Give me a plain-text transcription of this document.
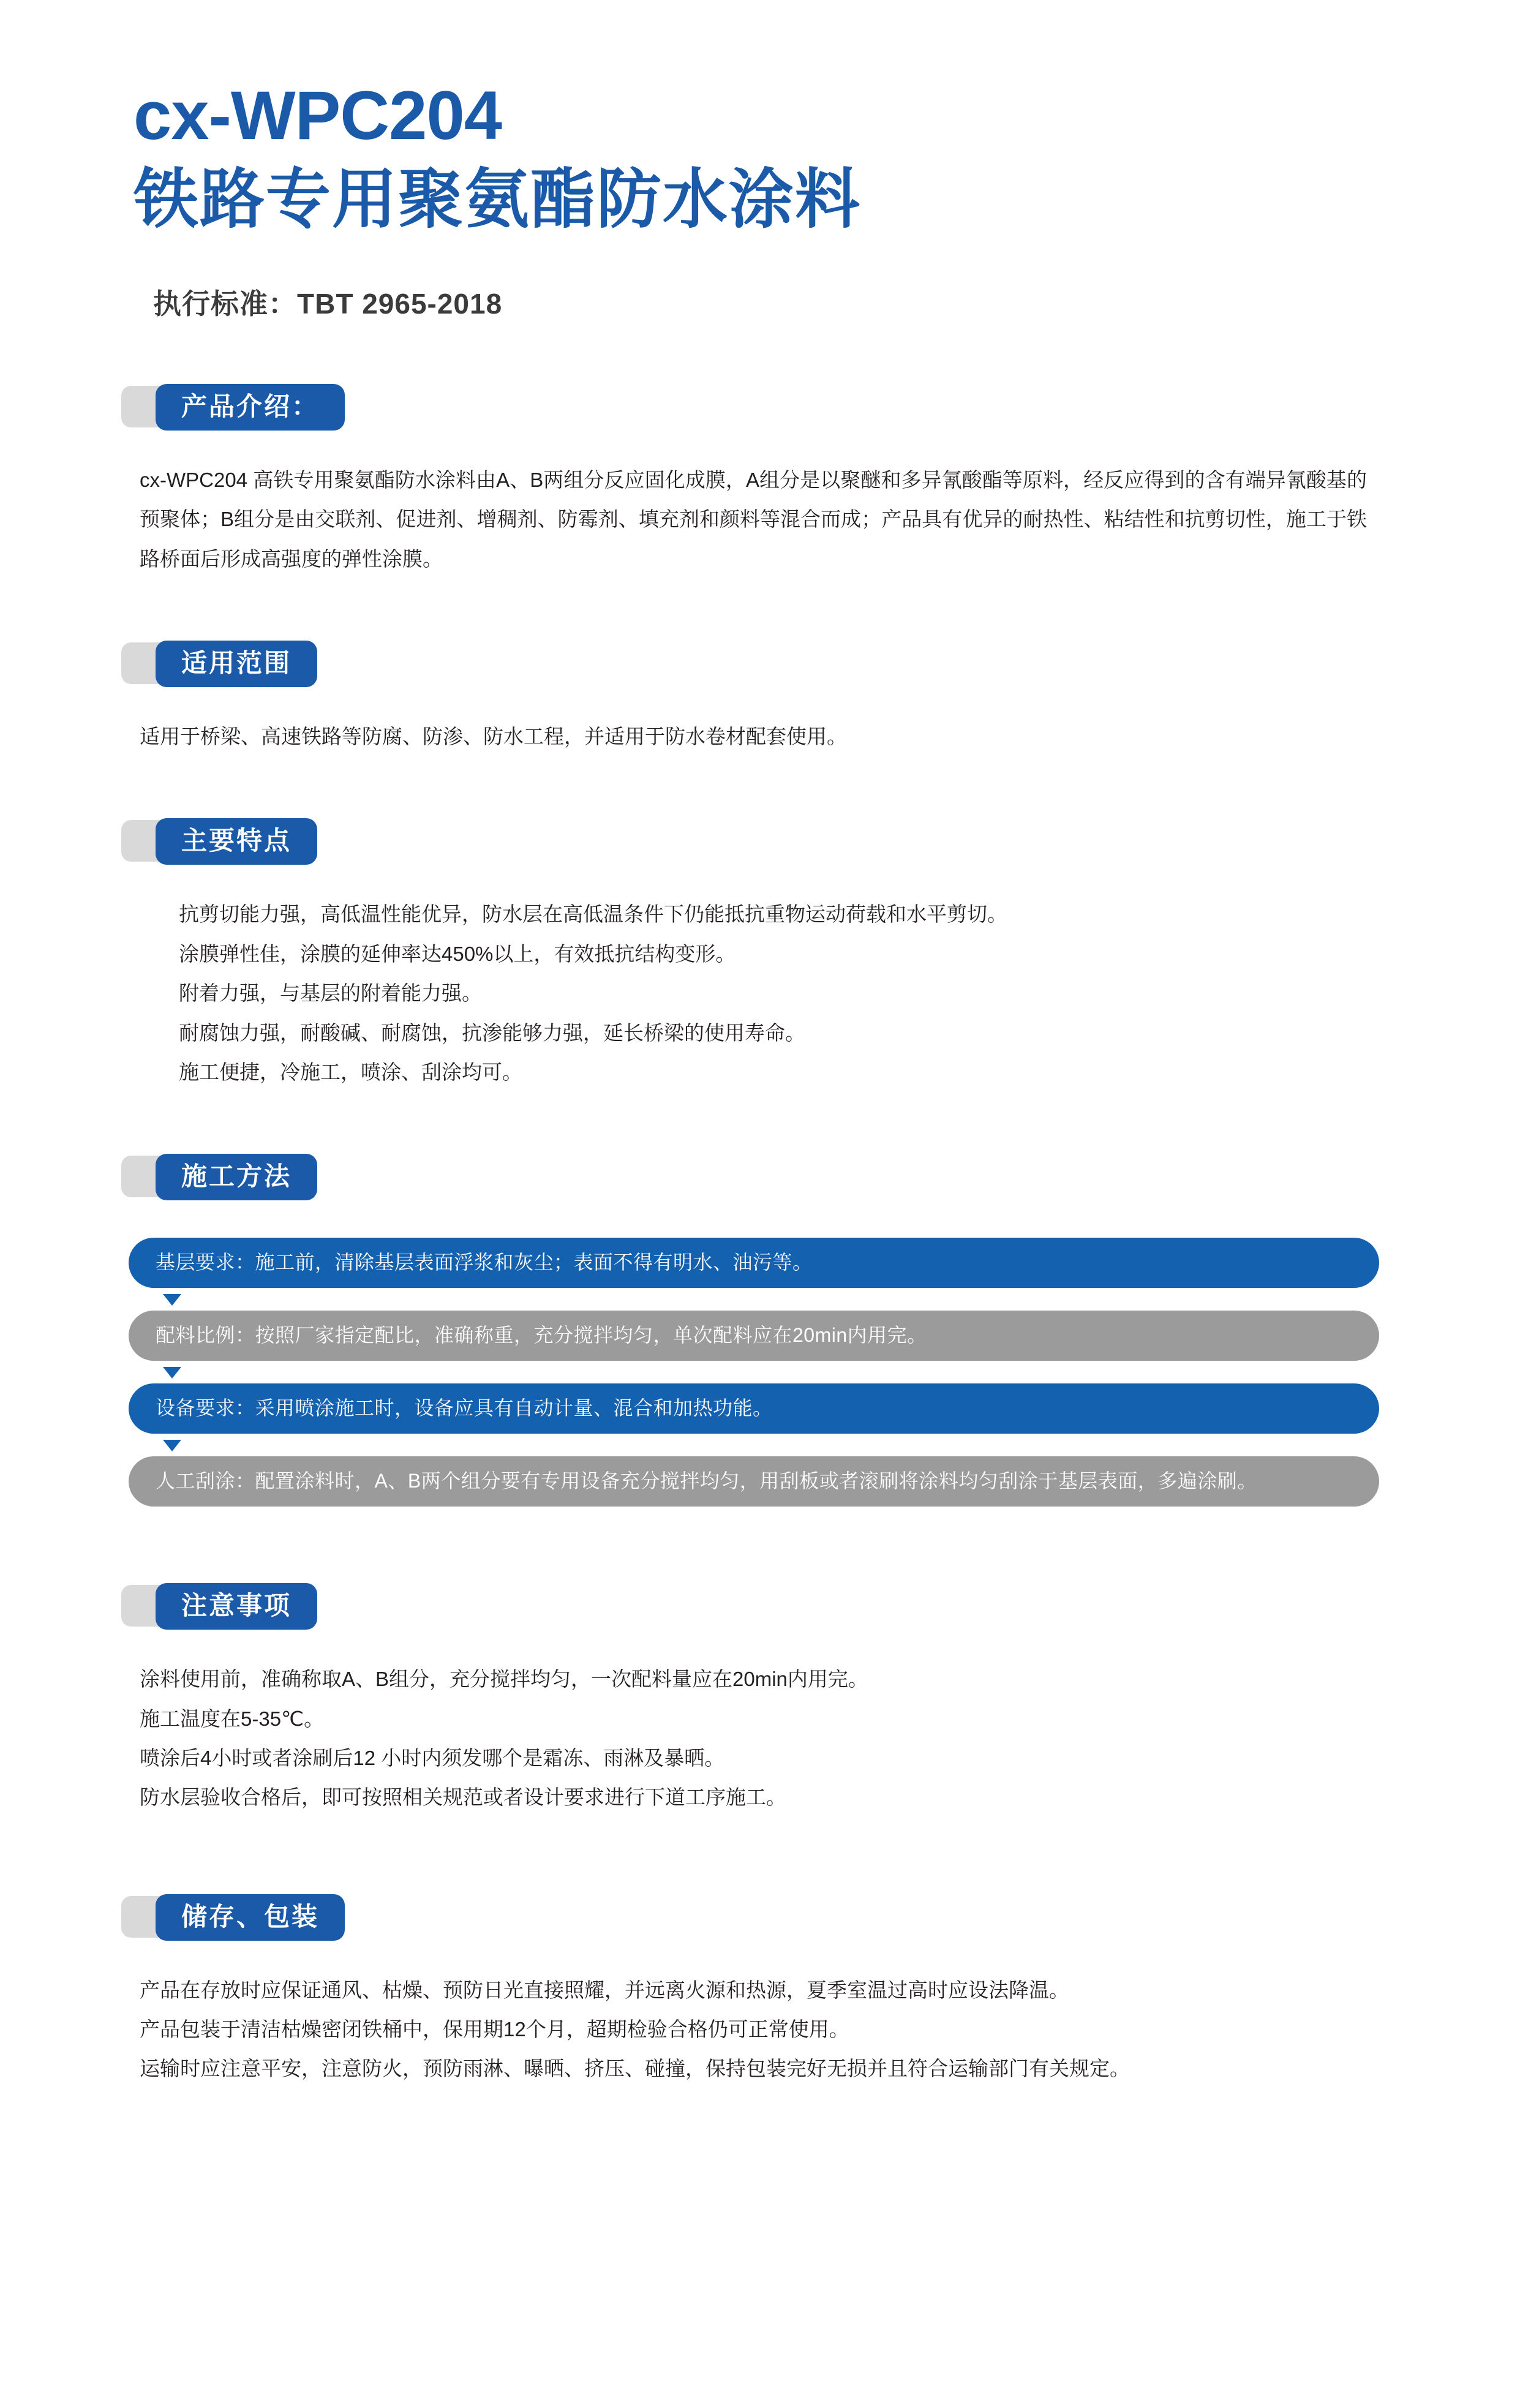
cx-WPC204
铁路专用聚氨酯防水涂料
执行标准：TBT 2965-2018
产品介绍：
cx-WPC204 高铁专用聚氨酯防水涂料由A、B两组分反应固化成膜，A组分是以聚醚和多异氰酸酯等原料，经反应得到的含有端异氰酸基的预聚体；B组分是由交联剂、促进剂、增稠剂、防霉剂、填充剂和颜料等混合而成；产品具有优异的耐热性、粘结性和抗剪切性，施工于铁路桥面后形成高强度的弹性涂膜。
适用范围
适用于桥梁、高速铁路等防腐、防渗、防水工程，并适用于防水卷材配套使用。
主要特点
抗剪切能力强，高低温性能优异，防水层在高低温条件下仍能抵抗重物运动荷载和水平剪切。
涂膜弹性佳，涂膜的延伸率达450%以上，有效抵抗结构变形。
附着力强，与基层的附着能力强。
耐腐蚀力强，耐酸碱、耐腐蚀，抗渗能够力强，延长桥梁的使用寿命。
施工便捷，冷施工，喷涂、刮涂均可。
施工方法
基层要求：施工前，清除基层表面浮浆和灰尘；表面不得有明水、油污等。
配料比例：按照厂家指定配比，准确称重，充分搅拌均匀，单次配料应在20min内用完。
设备要求：采用喷涂施工时，设备应具有自动计量、混合和加热功能。
人工刮涂：配置涂料时，A、B两个组分要有专用设备充分搅拌均匀，用刮板或者滚刷将涂料均匀刮涂于基层表面，多遍涂刷。
注意事项
涂料使用前，准确称取A、B组分，充分搅拌均匀，一次配料量应在20min内用完。
施工温度在5-35℃。
喷涂后4小时或者涂刷后12 小时内须发哪个是霜冻、雨淋及暴晒。
防水层验收合格后，即可按照相关规范或者设计要求进行下道工序施工。
储存、包装
产品在存放时应保证通风、枯燥、预防日光直接照耀，并远离火源和热源，夏季室温过高时应设法降温。
产品包装于清洁枯燥密闭铁桶中，保用期12个月，超期检验合格仍可正常使用。
运输时应注意平安，注意防火，预防雨淋、曝晒、挤压、碰撞，保持包装完好无损并且符合运输部门有关规定。
